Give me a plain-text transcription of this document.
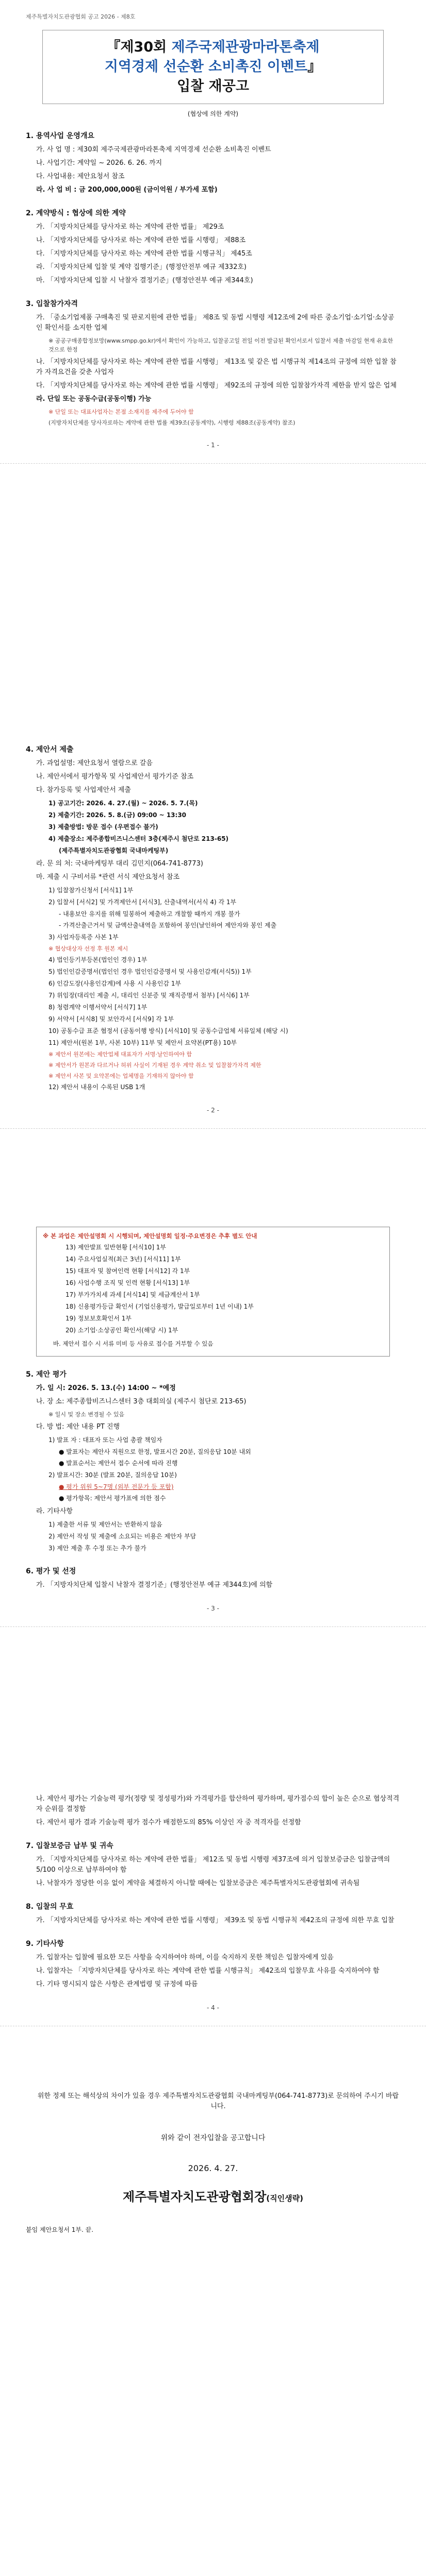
제주특별자치도관광협회 공고 2026 - 제8호
『제30회 제주국제관광마라톤축제
지역경제 선순환 소비촉진 이벤트』
입찰 재공고
(협상에 의한 계약)
1. 용역사업 운영개요
가. 사 업 명 : 제30회 제주국제관광마라톤축제 지역경제 선순환 소비촉진 이벤트
나. 사업기간: 계약일 ~ 2026. 6. 26. 까지
다. 사업내용: 제안요청서 참조
라. 사 업 비 : 금 200,000,000원 (금이억원 / 부가세 포함)
2. 계약방식 : 협상에 의한 계약
가. 「지방자치단체를 당사자로 하는 계약에 관한 법률」 제29조
나. 「지방자치단체를 당사자로 하는 계약에 관한 법률 시행령」 제88조
다. 「지방자치단체를 당사자로 하는 계약에 관한 법률 시행규칙」 제45조
라. 「지방자치단체 입찰 및 계약 집행기준」(행정안전부 예규 제332호)
마. 「지방자치단체 입찰 시 낙찰자 결정기준」(행정안전부 예규 제344호)
3. 입찰참가자격
가. 「중소기업제품 구매촉진 및 판로지원에 관한 법률」 제8조 및 동법 시행령 제12조에 2에 따른 중소기업·소기업·소상공인 확인서를 소지한 업체
※ 공공구매종합정보망(www.smpp.go.kr)에서 확인이 가능하고, 입찰공고일 전일 이전 발급된 확인서로서 입찰서 제출 마감일 현재 유효한 것으로 한정
나. 「지방자치단체를 당사자로 하는 계약에 관한 법률 시행령」 제13조 및 같은 법 시행규칙 제14조의 규정에 의한 입찰 참가 자격요건을 갖춘 사업자
다. 「지방자치단체를 당사자로 하는 계약에 관한 법률 시행령」 제92조의 규정에 의한 입찰참가자격 제한을 받지 않은 업체
라. 단일 또는 공동수급(공동이행) 가능
※ 단일 또는 대표사업자는 본점 소재지를 제주에 두어야 함
(지방자치단체를 당사자로하는 계약에 관한 법률 제39조(공동계약), 시행령 제88조(공동계약) 참조)
- 1 -
4. 제안서 제출
가. 과업설명: 제안요청서 열람으로 갈음
나. 제안서에서 평가항목 및 사업제안서 평가기준 참조
다. 참가등록 및 사업제안서 제출
1) 공고기간: 2026. 4. 27.(월) ~ 2026. 5. 7.(목)
2) 제출기간: 2026. 5. 8.(금) 09:00 ~ 13:30
3) 제출방법: 방문 접수 (우편접수 불가)
4) 제출장소: 제주종합비즈니스센터 3층(제주시 첨단로 213-65)
(제주특별자치도관광협회 국내마케팅부)
라. 문 의 처: 국내마케팅부 대리 김민지(064-741-8773)
마. 제출 시 구비서류 *관련 서식 제안요청서 참조
1) 입찰참가신청서 [서식1] 1부
2) 입찰서 [서식2] 및 가격제안서 [서식3], 산출내역서(서식 4) 각 1부
- 내용보안 유지를 위해 밀봉하여 제출하고 개찰할 때까지 개봉 불가
- 가격산출근거서 및 금액산출내역을 포함하여 봉인(날인하여 제안자와 봉인 제출
3) 사업자등록증 사본 1부
※ 협상대상자 선정 후 원본 제시
4) 법인등기부등본(법인인 경우) 1부
5) 법인인감증명서(법인인 경우 법인인감증명서 및 사용인감계(서식5)) 1부
6) 인감도장(사용인감계)에 사용 시 사용인감 1부
7) 위임장(대리인 제출 시, 대리인 신분증 및 재직증명서 첨부) [서식6] 1부
8) 청렴계약 이행서약서 [서식7] 1부
9) 서약서 [서식8] 및 보안각서 [서식9] 각 1부
10) 공동수급 표준 협정서 (공동이행 방식) [서식10] 및 공동수급업체 서류일체 (해당 시)
11) 제안서(원본 1부, 사본 10부) 11부 및 제안서 요약본(PT용) 10부
※ 제안서 원본에는 제안업체 대표자가 서명·날인하여야 함
※ 제안서가 원본과 다르거나 허위 사실이 기재된 경우 계약 취소 및 입찰참가자격 제한
※ 제안서 사본 및 요약본에는 업체명을 기재하지 않아야 함
12) 제안서 내용이 수록된 USB 1개
- 2 -
※ 본 과업은 제안설명회 시 시행되며, 제안설명회 일정·주요변경은 추후 별도 안내
13) 제안발표 일반현황 [서식10] 1부
14) 주요사업실적(최근 3년) [서식11] 1부
15) 대표자 및 참여인력 현황 [서식12] 각 1부
16) 사업수행 조직 및 인력 현황 [서식13] 1부
17) 부가가치세 과세 [서식14] 및 세금계산서 1부
18) 신용평가등급 확인서 (기업신용평가, 발급일로부터 1년 이내) 1부
19) 정보보호확인서 1부
20) 소기업·소상공인 확인서(해당 시) 1부
바. 제안서 접수 시 서류 미비 등 사유로 접수를 거부할 수 있음
5. 제안 평가
가. 일 시: 2026. 5. 13.(수) 14:00 ~ *예정
나. 장 소: 제주종합비즈니스센터 3층 대회의실 (제주시 첨단로 213-65)
※ 일시 및 장소 변경될 수 있음
다. 방 법: 제안 내용 PT 진행
1) 발표 자 : 대표자 또는 사업 총괄 책임자
● 발표자는 제안사 직원으로 한정, 발표시간 20분, 질의응답 10분 내외
● 발표순서는 제안서 접수 순서에 따라 진행
2) 발표시간: 30분 (발표 20분, 질의응답 10분)
● 평가 위원 5~7명 (외부 전문가 등 포함)
● 평가항목: 제안서 평가표에 의한 점수
라. 기타사항
1) 제출한 서류 및 제안서는 반환하지 않음
2) 제안서 작성 및 제출에 소요되는 비용은 제안자 부담
3) 제안 제출 후 수정 또는 추가 불가
6. 평가 및 선정
가. 「지방자치단체 입찰시 낙찰자 결정기준」(행정안전부 예규 제344호)에 의함
- 3 -
나. 제안서 평가는 기술능력 평가(정량 및 정성평가)와 가격평가를 합산하여 평가하며, 평가점수의 합이 높은 순으로 협상적격자 순위를 결정함
다. 제안서 평가 결과 기술능력 평가 점수가 배점한도의 85% 이상인 자 중 적격자를 선정함
7. 입찰보증금 납부 및 귀속
가. 「지방자치단체를 당사자로 하는 계약에 관한 법률」 제12조 및 동법 시행령 제37조에 의거 입찰보증금은 입찰금액의 5/100 이상으로 납부하여야 함
나. 낙찰자가 정당한 이유 없이 계약을 체결하지 아니할 때에는 입찰보증금은 제주특별자치도관광협회에 귀속됨
8. 입찰의 무효
가. 「지방자치단체를 당사자로 하는 계약에 관한 법률 시행령」 제39조 및 동법 시행규칙 제42조의 규정에 의한 무효 입찰
9. 기타사항
가. 입찰자는 입찰에 필요한 모든 사항을 숙지하여야 하며, 이를 숙지하지 못한 책임은 입찰자에게 있음
나. 입찰자는 「지방자치단체를 당사자로 하는 계약에 관한 법률 시행규칙」 제42조의 입찰무효 사유를 숙지하여야 함
다. 기타 명시되지 않은 사항은 관계법령 및 규정에 따름
- 4 -
위한 정제 또는 해석상의 차이가 있을 경우 제주특별자치도관광협회 국내마케팅부(064-741-8773)로 문의하여 주시기 바랍니다.
위와 같이 전자입찰을 공고합니다
2026. 4. 27.
제주특별자치도관광협회장(직인생략)
붙임 제안요청서 1부. 끝.
